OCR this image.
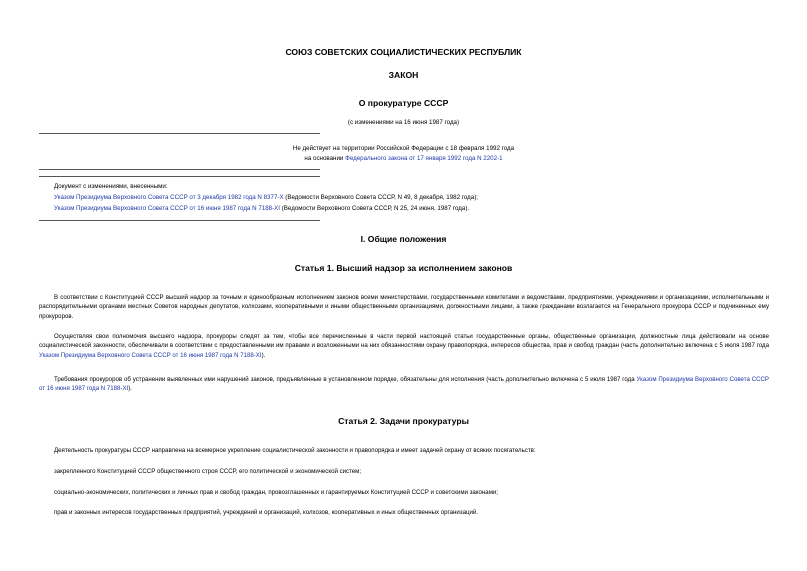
СОЮЗ СОВЕТСКИХ СОЦИАЛИСТИЧЕСКИХ РЕСПУБЛИК
ЗАКОН
О прокуратуре СССР
(с изменениями на 16 июня 1987 года)
Не действует на территории Российской Федерации с 18 февраля 1992 года
на основании Федерального закона от 17 января 1992 года N 2202-1
Документ с изменениями, внесенными:
Указом Президиума Верховного Совета СССР от 3 декабря 1982 года N 8377-X (Ведомости Верховного Совета СССР, N 49, 8 декабря, 1982 года);
Указом Президиума Верховного Совета СССР от 16 июня 1987 года N 7188-XI (Ведомости Верховного Совета СССР, N 25, 24 июня, 1987 года).
I. Общие положения
Статья 1. Высший надзор за исполнением законов
В соответствии с Конституцией СССР высший надзор за точным и единообразным исполнением законов всеми министерствами, государственными комитетами и ведомствами, предприятиями, учреждениями и организациями, исполнительными и распорядительными органами местных Советов народных депутатов, колхозами, кооперативными и иными общественными организациями, должностными лицами, а также гражданами возлагается на Генерального прокурора СССР и подчиненных ему прокуроров.
Осуществляя свои полномочия высшего надзора, прокуроры следят за тем, чтобы все перечисленные в части первой настоящей статьи государственные органы, общественные организации, должностные лица действовали на основе социалистической законности, обеспечивали в соответствии с предоставленными им правами и возложенными на них обязанностями охрану правопорядка, интересов общества, прав и свобод граждан (часть дополнительно включена с 5 июля 1987 года Указом Президиума Верховного Совета СССР от 16 июня 1987 года N 7188-XI).
Требования прокуроров об устранении выявленных ими нарушений законов, предъявленные в установленном порядке, обязательны для исполнения (часть дополнительно включена с 5 июля 1987 года Указом Президиума Верховного Совета СССР от 16 июня 1987 года N 7188-XI).
Статья 2. Задачи прокуратуры
Деятельность прокуратуры СССР направлена на всемерное укрепление социалистической законности и правопорядка и имеет задачей охрану от всяких посягательств:
закрепленного Конституцией СССР общественного строя СССР, его политической и экономической систем;
социально-экономических, политических и личных прав и свобод граждан, провозглашенных и гарантируемых Конституцией СССР и советскими законами;
прав и законных интересов государственных предприятий, учреждений и организаций, колхозов, кооперативных и иных общественных организаций.
